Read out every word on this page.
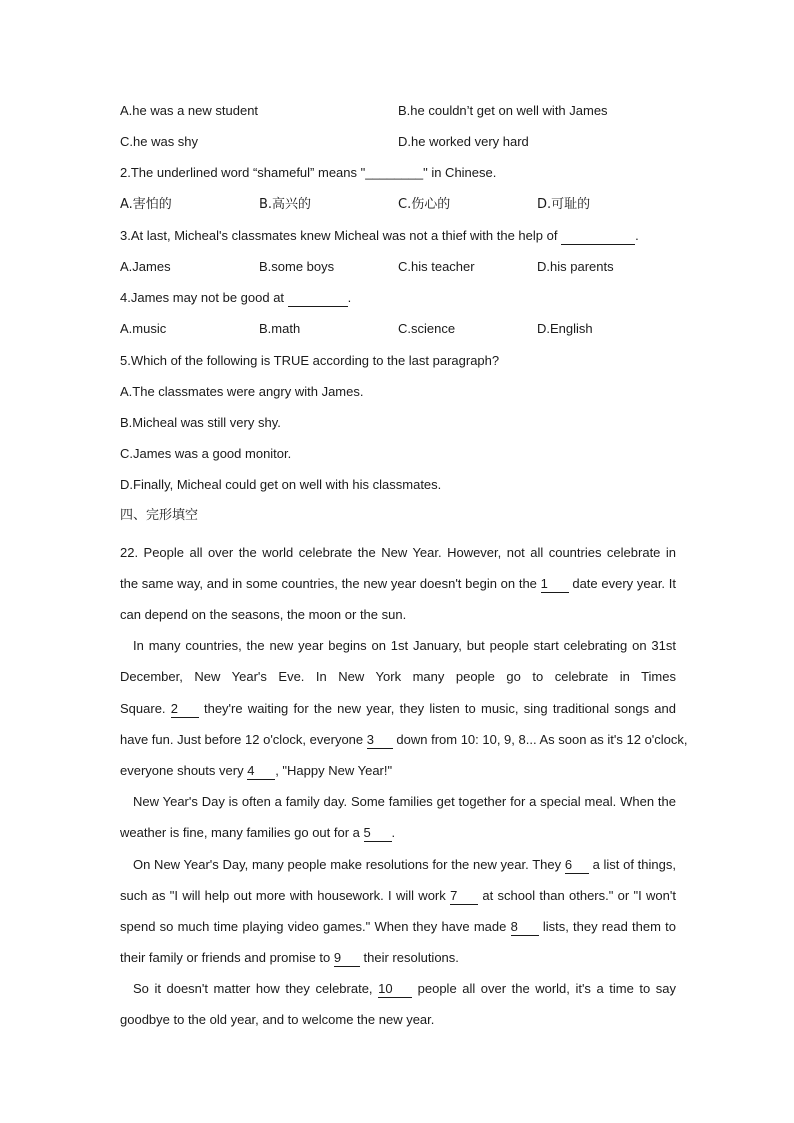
A.he was a new student	B.he couldn’t get on well with James
C.he was shy	D.he worked very hard
2.The underlined word “shameful” means "________" in Chinese.
A.害怕的	B.高兴的	C.伤心的	D.可耻的
3.At last, Micheal's classmates knew Micheal was not a thief with the help of	.
A.James	B.some boys	C.his teacher	D.his parents
4.James may not be good at	.
A.music	B.math	C.science	D.English
5.Which of the following is TRUE according to the last paragraph?
A.The classmates were angry with James.
B.Micheal was still very shy.
C.James was a good monitor.
D.Finally, Micheal could get on well with his classmates.
四、完形填空
22. People all over the world celebrate the New Year. However, not all countries celebrate in
the same way, and in some countries, the new year doesn't begin on the 1 date every year. It
can depend on the seasons, the moon or the sun.
In many countries, the new year begins on 1st January, but people start celebrating on 31st
December, New Year's Eve. In New York many people go to celebrate in Times
Square. 2 they're waiting for the new year, they listen to music, sing traditional songs and
have fun. Just before 12 o'clock, everyone 3 down from 10: 10, 9, 8... As soon as it's 12 o'clock,
everyone shouts very 4 , "Happy New Year!"
New Year's Day is often a family day. Some families get together for a special meal. When the
weather is fine, many families go out for a 5 .
On New Year's Day, many people make resolutions for the new year. They 6 a list of things,
such as "I will help out more with housework. I will work 7 at school than others." or "I won't
spend so much time playing video games." When they have made 8 lists, they read them to
their family or friends and promise to 9 their resolutions.
So it doesn't matter how they celebrate, 10 people all over the world, it's a time to say
goodbye to the old year, and to welcome the new year.
